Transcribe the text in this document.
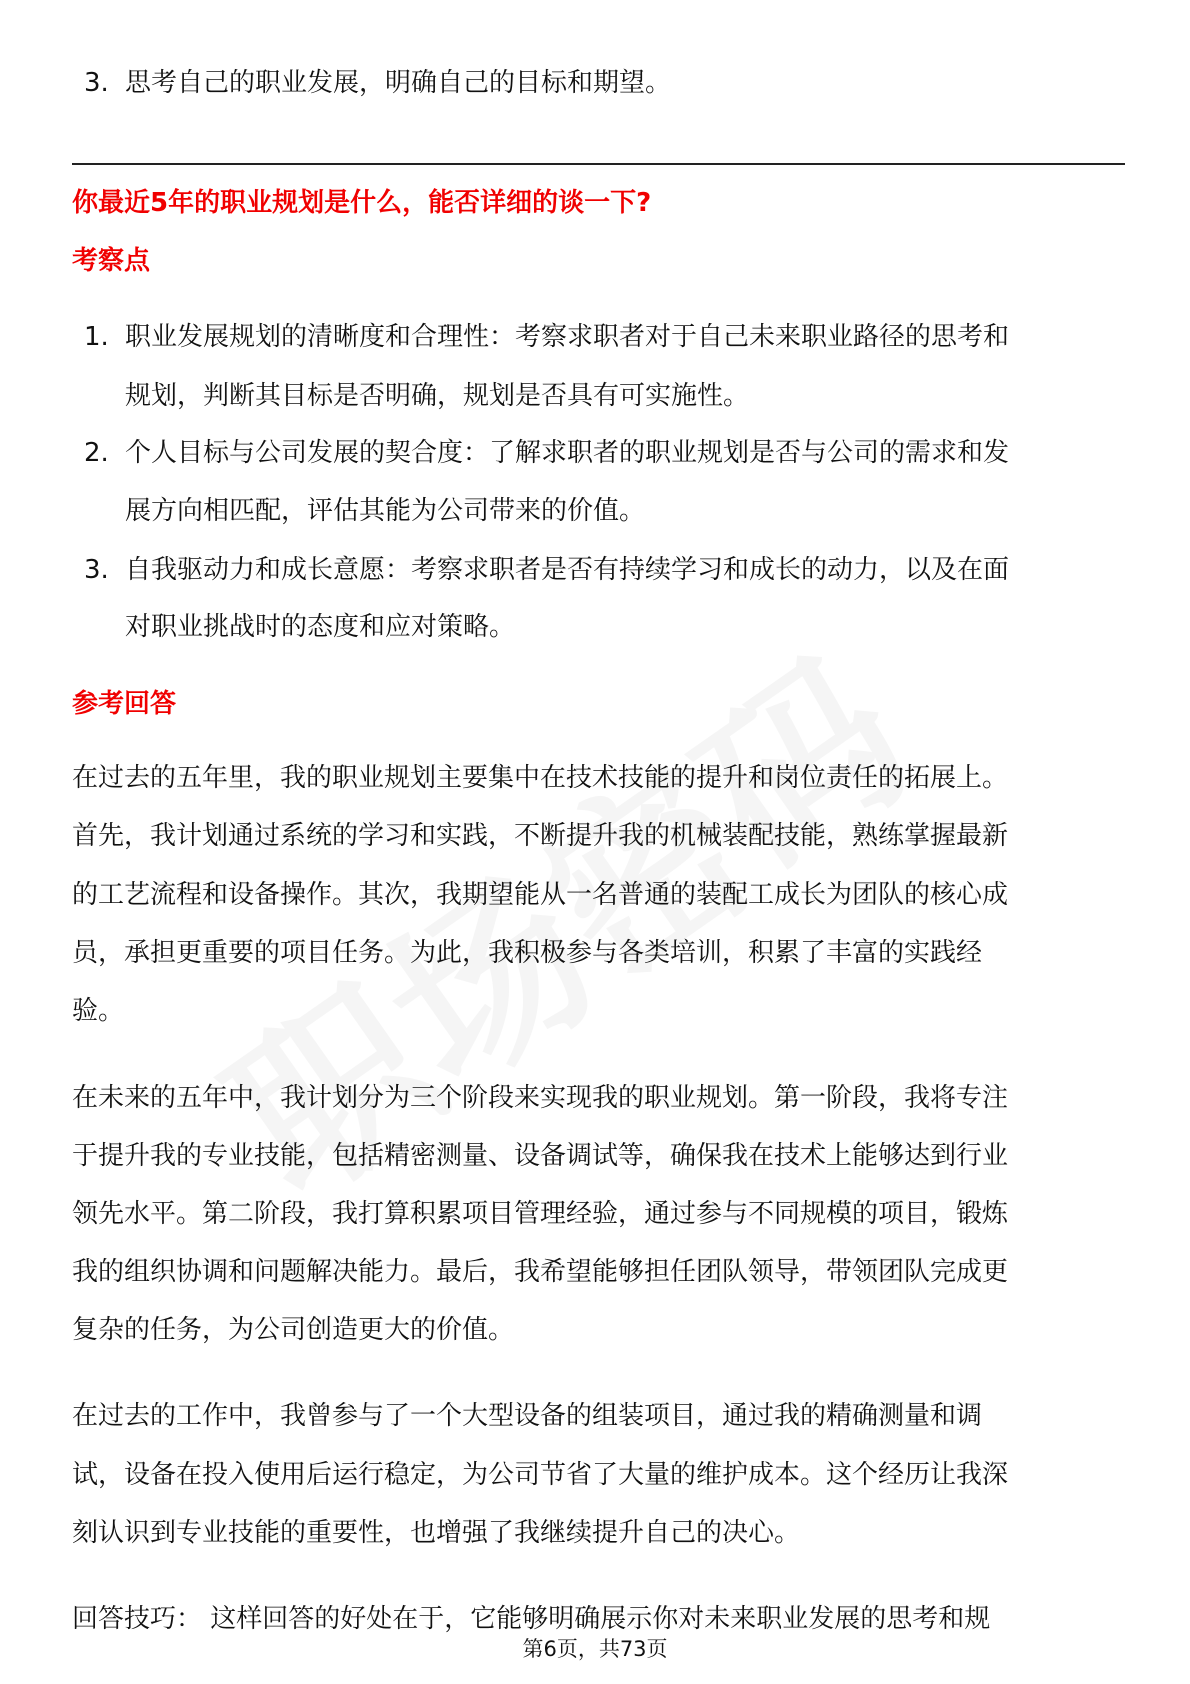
3. 思考自己的职业发展，明确自己的目标和期望。
你最近5年的职业规划是什么，能否详细的谈一下?
考察点
1. 职业发展规划的清晰度和合理性：考察求职者对于自己未来职业路径的思考和
规划，判断其目标是否明确，规划是否具有可实施性。
2. 个人目标与公司发展的契合度：了解求职者的职业规划是否与公司的需求和发
展方向相匹配，评估其能为公司带来的价值。
3. 自我驱动力和成长意愿：考察求职者是否有持续学习和成长的动力，以及在面
对职业挑战时的态度和应对策略。
参考回答
在过去的五年里，我的职业规划主要集中在技术技能的提升和岗位责任的拓展上。
首先，我计划通过系统的学习和实践，不断提升我的机械装配技能，熟练掌握最新
的工艺流程和设备操作。其次，我期望能从一名普通的装配工成长为团队的核心成
员，承担更重要的项目任务。为此，我积极参与各类培训，积累了丰富的实践经
验。
在未来的五年中，我计划分为三个阶段来实现我的职业规划。第一阶段，我将专注
于提升我的专业技能，包括精密测量、设备调试等，确保我在技术上能够达到行业
领先水平。第二阶段，我打算积累项目管理经验，通过参与不同规模的项目，锻炼
我的组织协调和问题解决能力。最后，我希望能够担任团队领导，带领团队完成更
复杂的任务，为公司创造更大的价值。
在过去的工作中，我曾参与了一个大型设备的组装项目，通过我的精确测量和调
试，设备在投入使用后运行稳定，为公司节省了大量的维护成本。这个经历让我深
刻认识到专业技能的重要性，也增强了我继续提升自己的决心。
回答技巧： 这样回答的好处在于，它能够明确展示你对未来职业发展的思考和规
第6页，共73页
